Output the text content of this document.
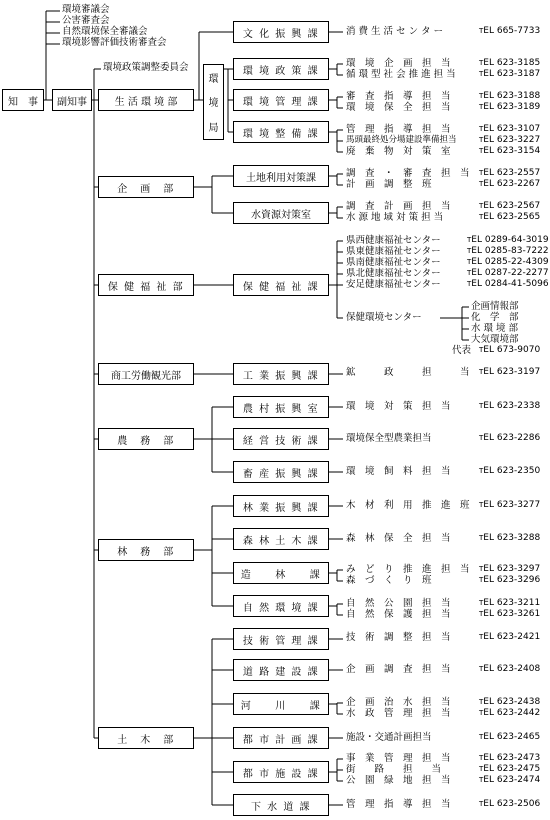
知　事	副知事
環境審議会
公害審査会
自然環境保全審議会
環境影響評価技術審査会
環境政策調整委員会
環
境
局
生 活 環 境 部
企　画　部
保 健 福 祉 部
商工労働観光部
農　務　部
林　務　部
土　木　部
文 化 振 興 課
環 境 政 策 課
環 境 管 理 課
環 境 整 備 課
土地利用対策課
水資源対策室
保 健 福 祉 課
工 業 振 興 課
農 村 振 興 室
経 営 技 術 課
畜 産 振 興 課
林 業 振 興 課
森 林 土 木 課
造　　林　　課
自 然 環 境 課
技 術 管 理 課
道 路 建 設 課
河　　川　　課
都 市 計 画 課
都 市 施 設 課
下 水 道 課
消 費 生 活 セ ン タ ー	TEL 665-7733
環　境　企　画　担　当	TEL 623-3185
循 環 型 社 会 推 進 担 当	TEL 623-3187
審　査　指　導　担　当	TEL 623-3188
環　境　保　全　担　当	TEL 623-3189
管　理　指　導　担　当	TEL 623-3107
馬頭最終処分場建設準備担当 TEL 623-3227
廃　棄　物　対　策　室	TEL 623-3154
調　査　・　審　査　担　当 TEL 623-2557
計　画　調　整　班	TEL 623-2267
調　査　計　画　担　当	TEL 623-2567
水 源 地 域 対 策 担 当	TEL 623-2565
県西健康福祉センター	TEL 0289-64-3019
県東健康福祉センター	TEL 0285-83-7222
県南健康福祉センター	TEL 0285-22-4309
県北健康福祉センター	TEL 0287-22-2277
安足健康福祉センター	TEL 0284-41-5096
保健環境センター
企画情報部
化　学　部
水 環 境 部
大気環境部
代表 TEL 673-9070
鉱　　　政　　　担　　　当 TEL 623-3197
環　境　対　策　担　当	TEL 623-2338
環境保全型農業担当	TEL 623-2286
環　境　飼　料　担　当	TEL 623-2350
木　材　利　用　推　進　班 TEL 623-3277
森　林　保　全　担　当	TEL 623-3288
み　ど　り　推　進　担　当 TEL 623-3297
森　づ　く　り　班	TEL 623-3296
自　然　公　園　担　当	TEL 623-3211
自　然　保　護　担　当	TEL 623-3261
技　術　調　整　担　当	TEL 623-2421
企　画　調　査　担　当	TEL 623-2408
企　画　治　水　担　当	TEL 623-2438
水　政　管　理　担　当	TEL 623-2442
施設・交通計画担当	TEL 623-2465
事　業　管　理　担　当	TEL 623-2473
街　　路　　担　　当	TEL 623-2475
公　園　緑　地　担　当	TEL 623-2474
管　理　指　導　担　当	TEL 623-2506
